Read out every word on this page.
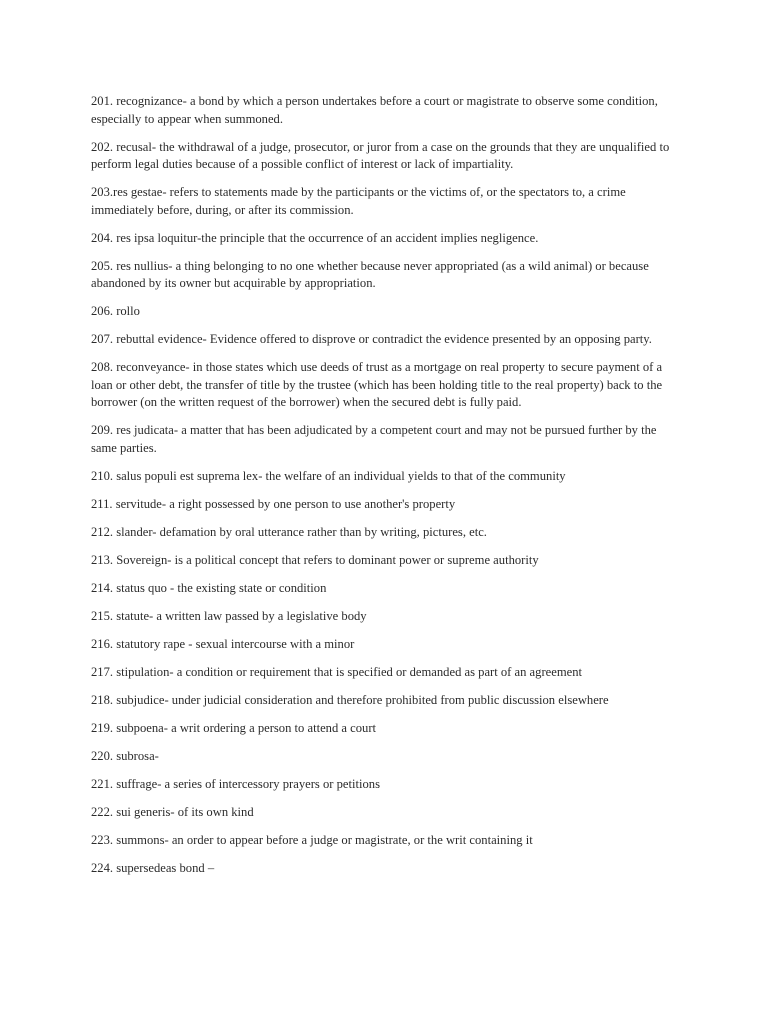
201. recognizance- a bond by which a person undertakes before a court or magistrate to observe some condition, especially to appear when summoned.

202. recusal- the withdrawal of a judge, prosecutor, or juror from a case on the grounds that they are unqualified to perform legal duties because of a possible conflict of interest or lack of impartiality.

203.res gestae- refers to statements made by the participants or the victims of, or the spectators to, a crime immediately before, during, or after its commission.

204. res ipsa loquitur-the principle that the occurrence of an accident implies negligence.

205. res nullius- a thing belonging to no one whether because never appropriated (as a wild animal) or because abandoned by its owner but acquirable by appropriation.

206. rollo

207. rebuttal evidence- Evidence offered to disprove or contradict the evidence presented by an opposing party.

208. reconveyance- in those states which use deeds of trust as a mortgage on real property to secure payment of a loan or other debt, the transfer of title by the trustee (which has been holding title to the real property) back to the borrower (on the written request of the borrower) when the secured debt is fully paid.

209. res judicata- a matter that has been adjudicated by a competent court and may not be pursued further by the same parties.

210. salus populi est suprema lex- the welfare of an individual yields to that of the community

211. servitude- a right possessed by one person to use another's property

212. slander- defamation by oral utterance rather than by writing, pictures, etc.

213. Sovereign- is a political concept that refers to dominant power or supreme authority

214. status quo - the existing state or condition

215. statute- a written law passed by a legislative body

216. statutory rape - sexual intercourse with a minor

217. stipulation- a condition or requirement that is specified or demanded as part of an agreement

218. subjudice- under judicial consideration and therefore prohibited from public discussion elsewhere

219. subpoena- a writ ordering a person to attend a court

220. subrosa-

221. suffrage- a series of intercessory prayers or petitions

222. sui generis- of its own kind

223. summons- an order to appear before a judge or magistrate, or the writ containing it

224. supersedeas bond –
